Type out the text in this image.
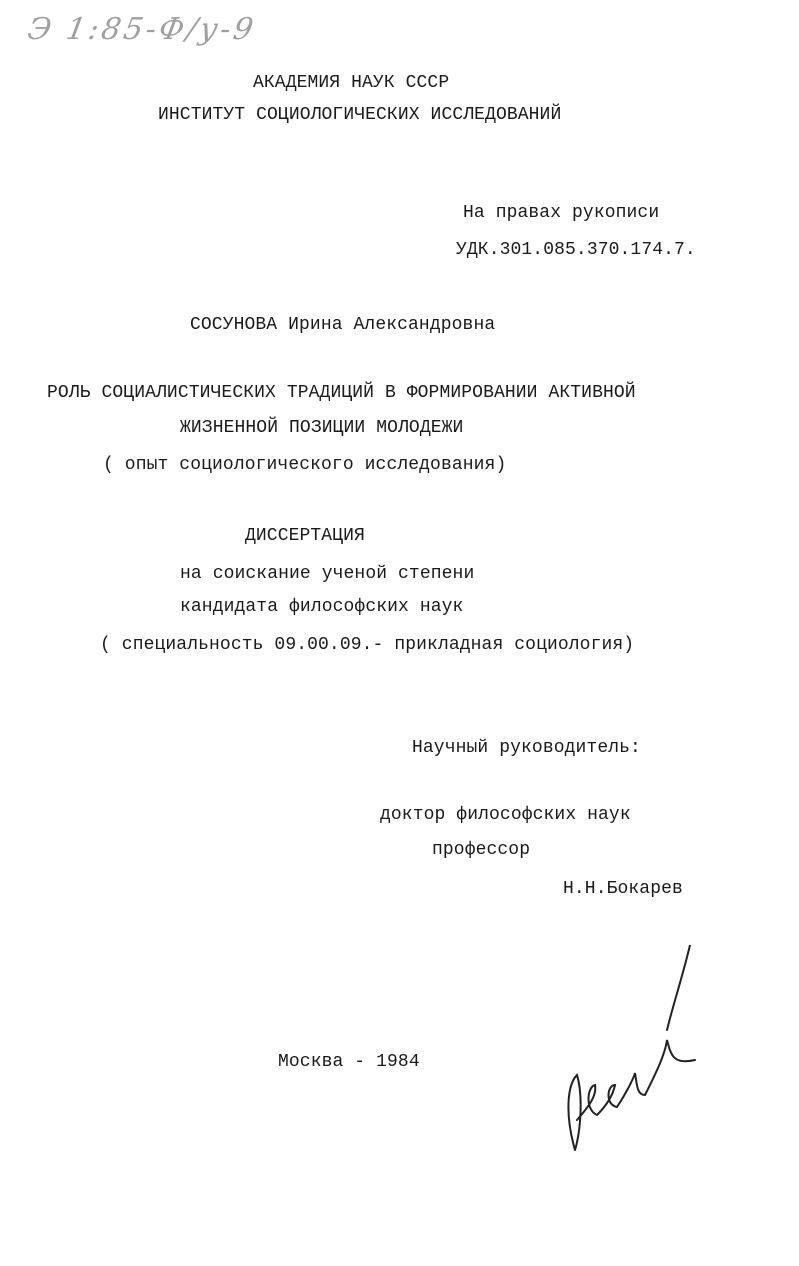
Э 1:85-Ф/у-9
АКАДЕМИЯ НАУК СССР
ИНСТИТУТ СОЦИОЛОГИЧЕСКИХ ИССЛЕДОВАНИЙ
На правах рукописи
УДК.301.085.370.174.7.
СОСУНОВА Ирина Александровна
РОЛЬ СОЦИАЛИСТИЧЕСКИХ ТРАДИЦИЙ В ФОРМИРОВАНИИ АКТИВНОЙ
ЖИЗНЕННОЙ ПОЗИЦИИ МОЛОДЕЖИ
( опыт социологического исследования)
ДИССЕРТАЦИЯ
на соискание ученой степени
кандидата философских наук
( специальность 09.00.09.- прикладная социология)
Научный руководитель:
доктор философских наук
профессор
Н.Н.Бокарев
Москва - 1984
